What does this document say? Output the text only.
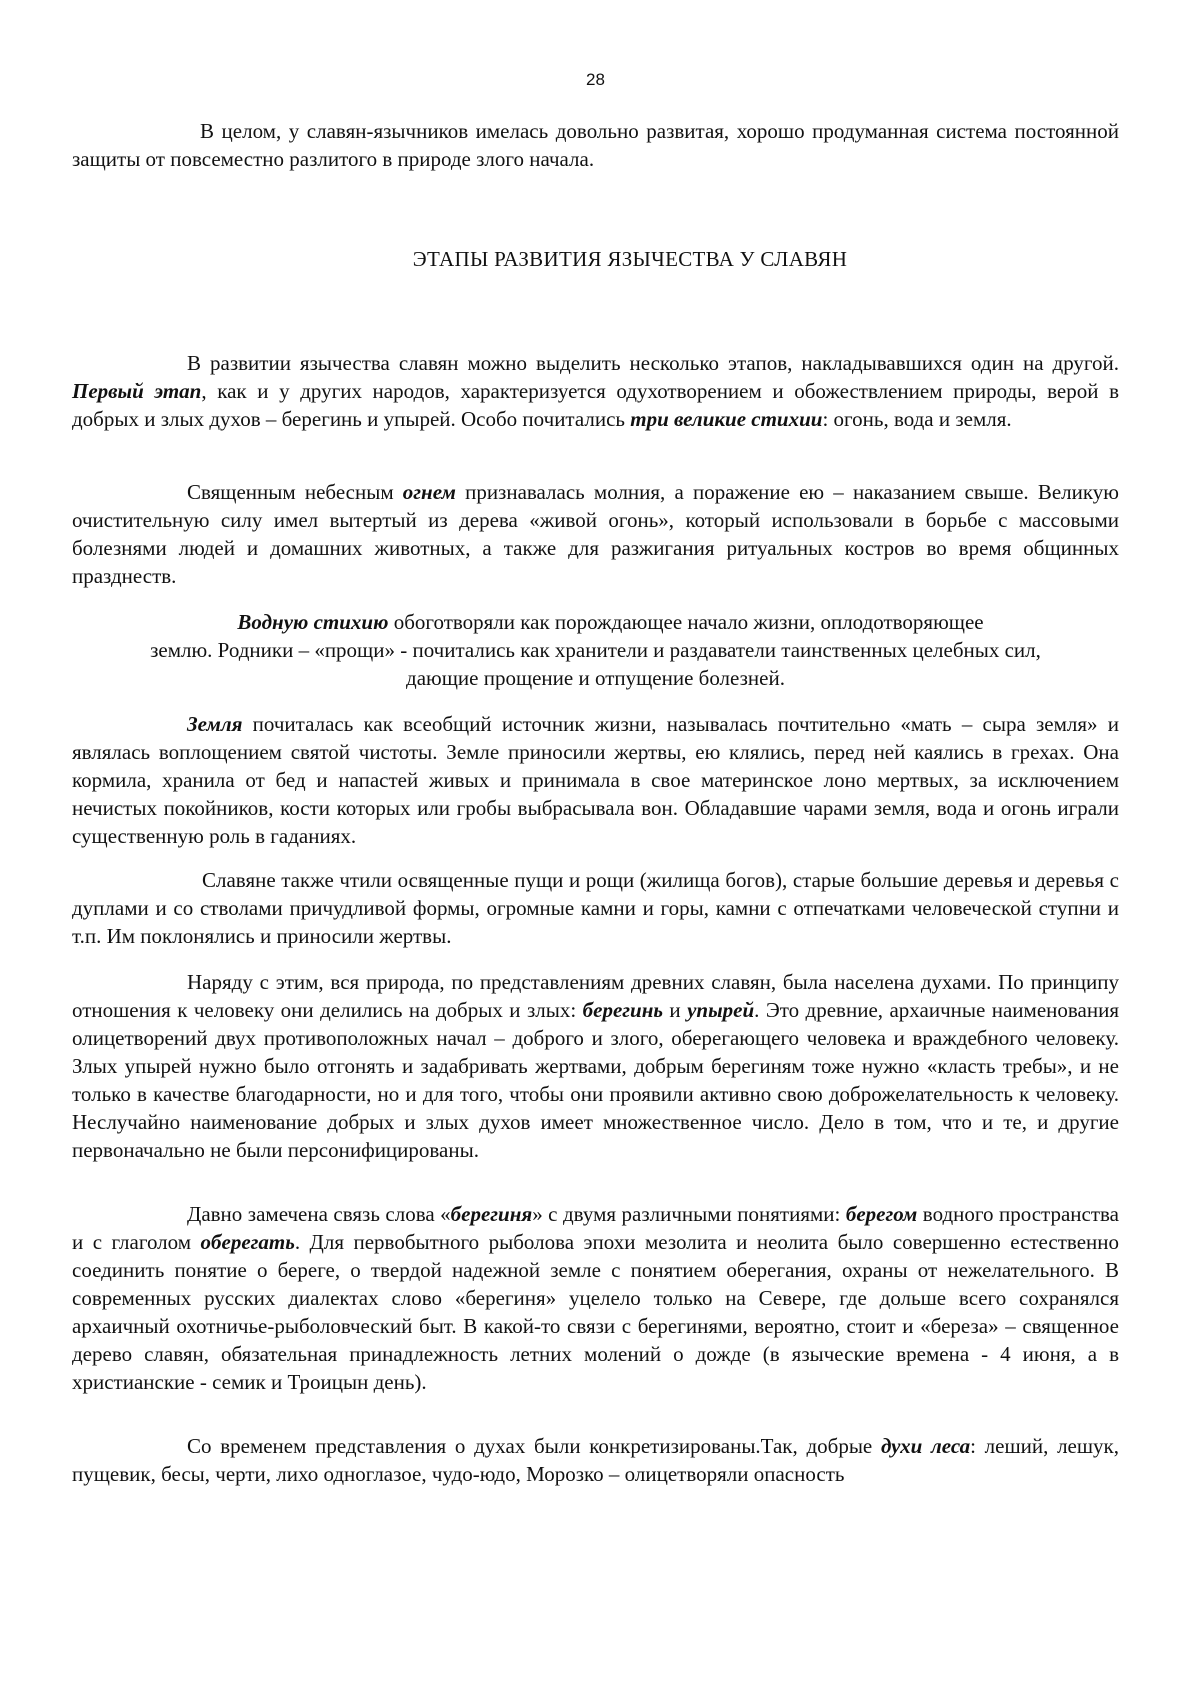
28

В целом, у славян-язычников имелась довольно развитая, хорошо продуманная система постоянной защиты от повсеместно разлитого в природе злого начала.

ЭТАПЫ РАЗВИТИЯ ЯЗЫЧЕСТВА У СЛАВЯН

В развитии язычества славян можно выделить несколько этапов, накладывавшихся один на другой. Первый этап, как и у других народов, характеризуется одухотворением и обожествлением природы, верой в добрых и злых духов – берегинь и упырей. Особо почитались три великие стихии: огонь, вода и земля.

Священным небесным огнем признавалась молния, а поражение ею – наказанием свыше. Великую очистительную силу имел вытертый из дерева «живой огонь», который использовали в борьбе с массовыми болезнями людей и домашних животных, а также для разжигания ритуальных костров во время общинных празднеств.

Водную стихию обоготворяли как порождающее начало жизни, оплодотворяющее
землю. Родники – «прощи» - почитались как хранители и раздаватели таинственных целебных сил,
дающие прощение и отпущение болезней.

Земля почиталась как всеобщий источник жизни, называлась почтительно «мать – сыра земля» и являлась воплощением святой чистоты. Земле приносили жертвы, ею клялись, перед ней каялись в грехах. Она кормила, хранила от бед и напастей живых и принимала в свое материнское лоно мертвых, за исключением нечистых покойников, кости которых или гробы выбрасывала вон. Обладавшие чарами земля, вода и огонь играли существенную роль в гаданиях.

Славяне также чтили освященные пущи и рощи (жилища богов), старые большие деревья и деревья с дуплами и со стволами причудливой формы, огромные камни и горы, камни с отпечатками человеческой ступни и т.п. Им поклонялись и приносили жертвы.

Наряду с этим, вся природа, по представлениям древних славян, была населена духами. По принципу отношения к человеку они делились на добрых и злых: берегинь и упырей. Это древние, архаичные наименования олицетворений двух противоположных начал – доброго и злого, оберегающего человека и враждебного человеку. Злых упырей нужно было отгонять и задабривать жертвами, добрым берегиням тоже нужно «класть требы», и не только в качестве благодарности, но и для того, чтобы они проявили активно свою доброжелательность к человеку. Неслучайно наименование добрых и злых духов имеет множественное число. Дело в том, что и те, и другие первоначально не были персонифицированы.

Давно замечена связь слова «берегиня» с двумя различными понятиями: берегом водного пространства и с глаголом оберегать. Для первобытного рыболова эпохи мезолита и неолита было совершенно естественно соединить понятие о береге, о твердой надежной земле с понятием оберегания, охраны от нежелательного. В современных русских диалектах слово «берегиня» уцелело только на Севере, где дольше всего сохранялся архаичный охотничье-рыболовческий быт. В какой-то связи с берегинями, вероятно, стоит и «береза» – священное дерево славян, обязательная принадлежность летних молений о дожде (в языческие времена - 4 июня, а в христианские - семик и Троицын день).

Со временем представления о духах были конкретизированы.Так, добрые духи леса: леший, лешук, пущевик, бесы, черти, лихо одноглазое, чудо-юдо, Морозко – олицетворяли опасность
